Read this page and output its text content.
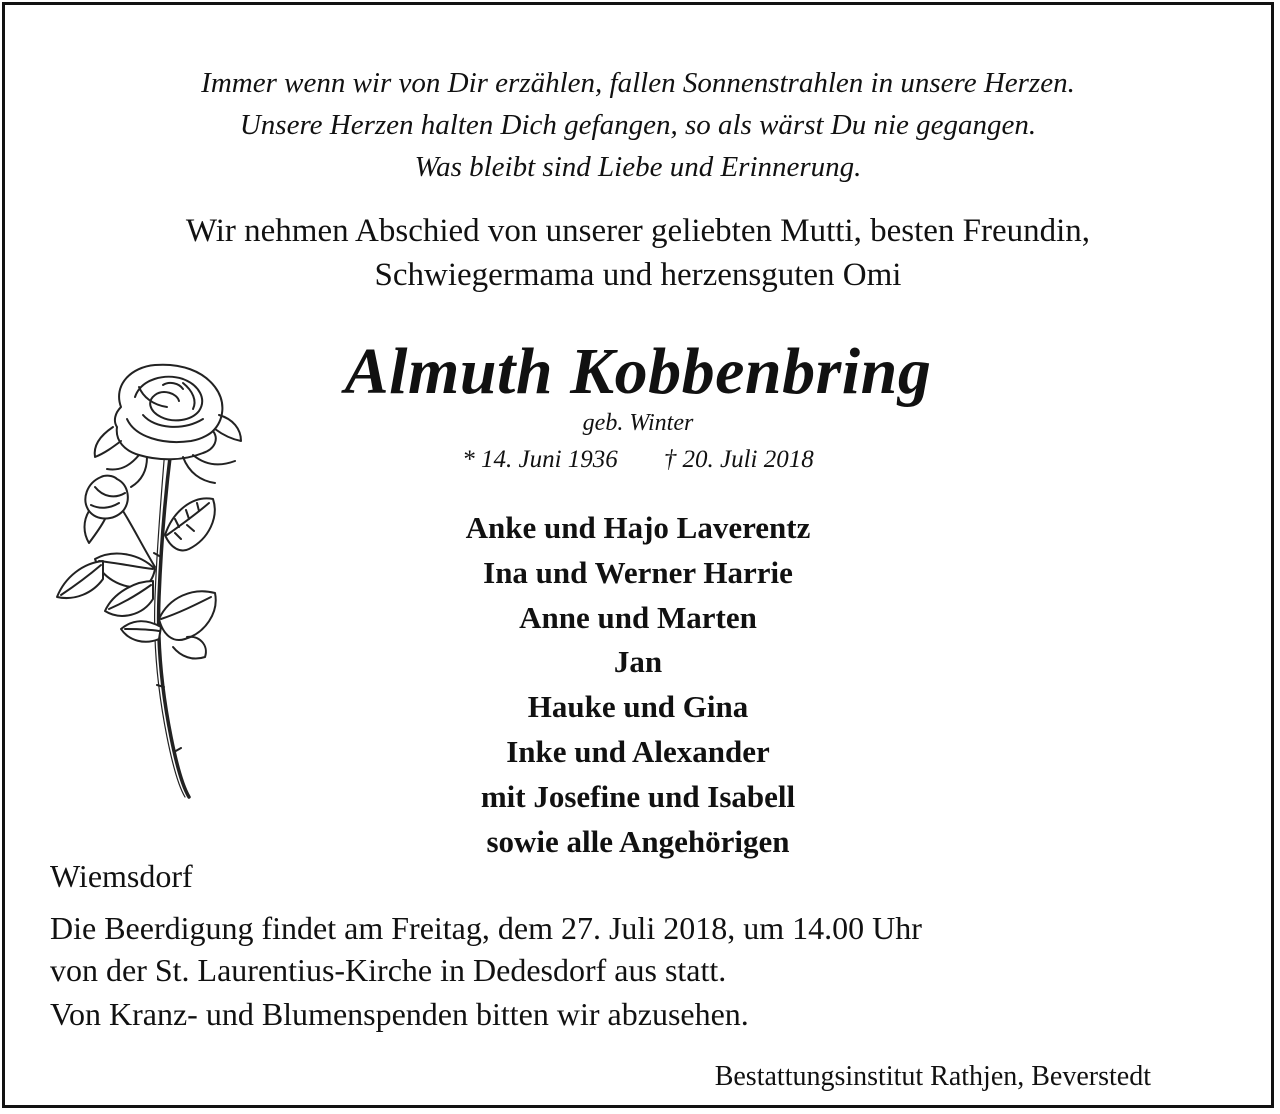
Immer wenn wir von Dir erzählen, fallen Sonnenstrahlen in unsere Herzen.
Unsere Herzen halten Dich gefangen, so als wärst Du nie gegangen.
Was bleibt sind Liebe und Erinnerung.
Wir nehmen Abschied von unserer geliebten Mutti, besten Freundin,
Schwiegermama und herzensguten Omi
Almuth Kobbenbring
geb. Winter
* 14. Juni 1936 † 20. Juli 2018
Anke und Hajo Laverentz
Ina und Werner Harrie
Anne und Marten
Jan
Hauke und Gina
Inke und Alexander
mit Josefine und Isabell
sowie alle Angehörigen
Wiemsdorf
Die Beerdigung findet am Freitag, dem 27. Juli 2018, um 14.00 Uhr
von der St. Laurentius-Kirche in Dedesdorf aus statt.
Von Kranz- und Blumenspenden bitten wir abzusehen.
Bestattungsinstitut Rathjen, Beverstedt
